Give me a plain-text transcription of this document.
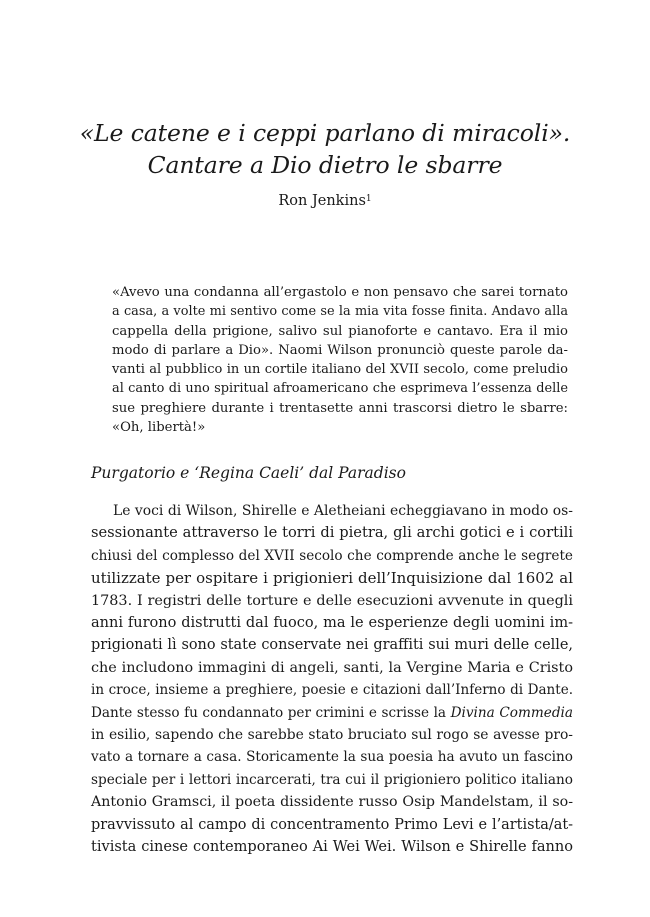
«Le catene e i ceppi parlano di miracoli».
Cantare a Dio dietro le sbarre
Ron Jenkins$^1$
«Avevo una condanna all’ergastolo e non pensavo che sarei tornato
a casa, a volte mi sentivo come se la mia vita fosse finita. Andavo alla
cappella della prigione, salivo sul pianoforte e cantavo. Era il mio
modo di parlare a Dio». Naomi Wilson pronunciò queste parole da-
vanti al pubblico in un cortile italiano del XVII secolo, come preludio
al canto di uno spiritual afroamericano che esprimeva l’essenza delle
sue preghiere durante i trentasette anni trascorsi dietro le sbarre:
«Oh, libertà!»
Purgatorio e ‘Regina Caeli’ dal Paradiso
Le voci di Wilson, Shirelle e Aletheiani echeggiavano in modo os-
sessionante attraverso le torri di pietra, gli archi gotici e i cortili
chiusi del complesso del XVII secolo che comprende anche le segrete
utilizzate per ospitare i prigionieri dell’Inquisizione dal 1602 al
1783. I registri delle torture e delle esecuzioni avvenute in quegli
anni furono distrutti dal fuoco, ma le esperienze degli uomini im-
prigionati lì sono state conservate nei graffiti sui muri delle celle,
che includono immagini di angeli, santi, la Vergine Maria e Cristo
in croce, insieme a preghiere, poesie e citazioni dall’Inferno di Dante.
Dante stesso fu condannato per crimini e scrisse la Divina Commedia
in esilio, sapendo che sarebbe stato bruciato sul rogo se avesse pro-
vato a tornare a casa. Storicamente la sua poesia ha avuto un fascino
speciale per i lettori incarcerati, tra cui il prigioniero politico italiano
Antonio Gramsci, il poeta dissidente russo Osip Mandelstam, il so-
pravvissuto al campo di concentramento Primo Levi e l’artista/at-
tivista cinese contemporaneo Ai Wei Wei. Wilson e Shirelle fanno
